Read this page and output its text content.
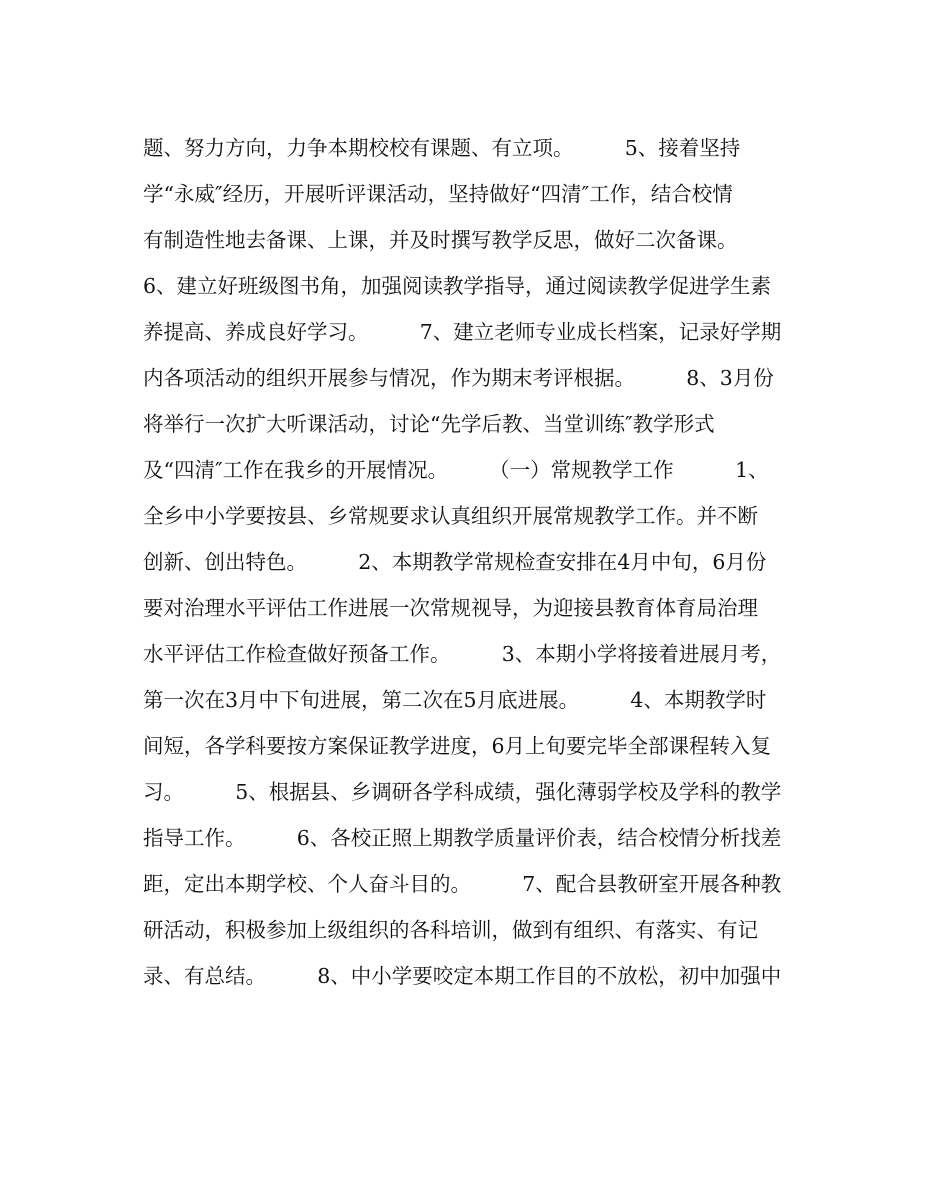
题、努力方向，力争本期校校有课题、有立项。　　　5、接着坚持
学“永威″经历，开展听评课活动，坚持做好“四清″工作，结合校情
有制造性地去备课、上课，并及时撰写教学反思，做好二次备课。
6、建立好班级图书角，加强阅读教学指导，通过阅读教学促进学生素
养提高、养成良好学习。　　　7、建立老师专业成长档案，记录好学期
内各项活动的组织开展参与情况，作为期末考评根据。　　　8、3月份
将举行一次扩大听课活动，讨论“先学后教、当堂训练″教学形式
及“四清″工作在我乡的开展情况。　　　（一）常规教学工作　　　1、
全乡中小学要按县、乡常规要求认真组织开展常规教学工作。并不断
创新、创出特色。　　　2、本期教学常规检查安排在4月中旬，6月份
要对治理水平评估工作进展一次常规视导，为迎接县教育体育局治理
水平评估工作检查做好预备工作。　　　3、本期小学将接着进展月考，
第一次在3月中下旬进展，第二次在5月底进展。　　　4、本期教学时
间短，各学科要按方案保证教学进度，6月上旬要完毕全部课程转入复
习。　　　5、根据县、乡调研各学科成绩，强化薄弱学校及学科的教学
指导工作。　　　6、各校正照上期教学质量评价表，结合校情分析找差
距，定出本期学校、个人奋斗目的。　　　7、配合县教研室开展各种教
研活动，积极参加上级组织的各科培训，做到有组织、有落实、有记
录、有总结。　　　8、中小学要咬定本期工作目的不放松，初中加强中
